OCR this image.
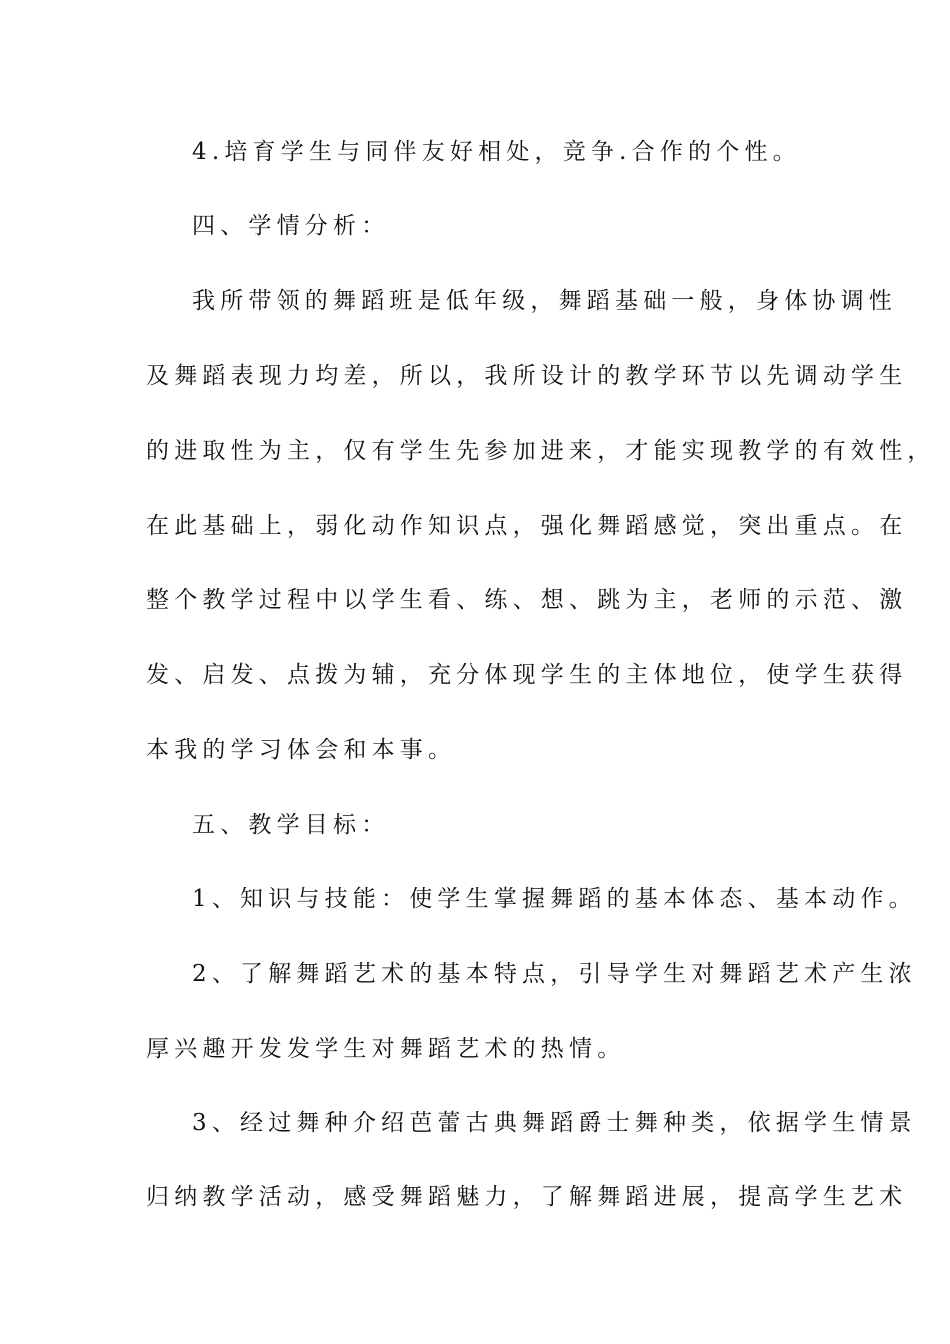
4.培育学生与同伴友好相处，竞争.合作的个性。
四、学情分析：
我所带领的舞蹈班是低年级，舞蹈基础一般，身体协调性
及舞蹈表现力均差，所以，我所设计的教学环节以先调动学生
的进取性为主，仅有学生先参加进来，才能实现教学的有效性，
在此基础上，弱化动作知识点，强化舞蹈感觉，突出重点。在
整个教学过程中以学生看、练、想、跳为主，老师的示范、激
发、启发、点拨为辅，充分体现学生的主体地位，使学生获得
本我的学习体会和本事。
五、教学目标：
1、知识与技能：使学生掌握舞蹈的基本体态、基本动作。
2、了解舞蹈艺术的基本特点，引导学生对舞蹈艺术产生浓
厚兴趣开发发学生对舞蹈艺术的热情。
3、经过舞种介绍芭蕾古典舞蹈爵士舞种类，依据学生情景
归纳教学活动，感受舞蹈魅力，了解舞蹈进展，提高学生艺术
